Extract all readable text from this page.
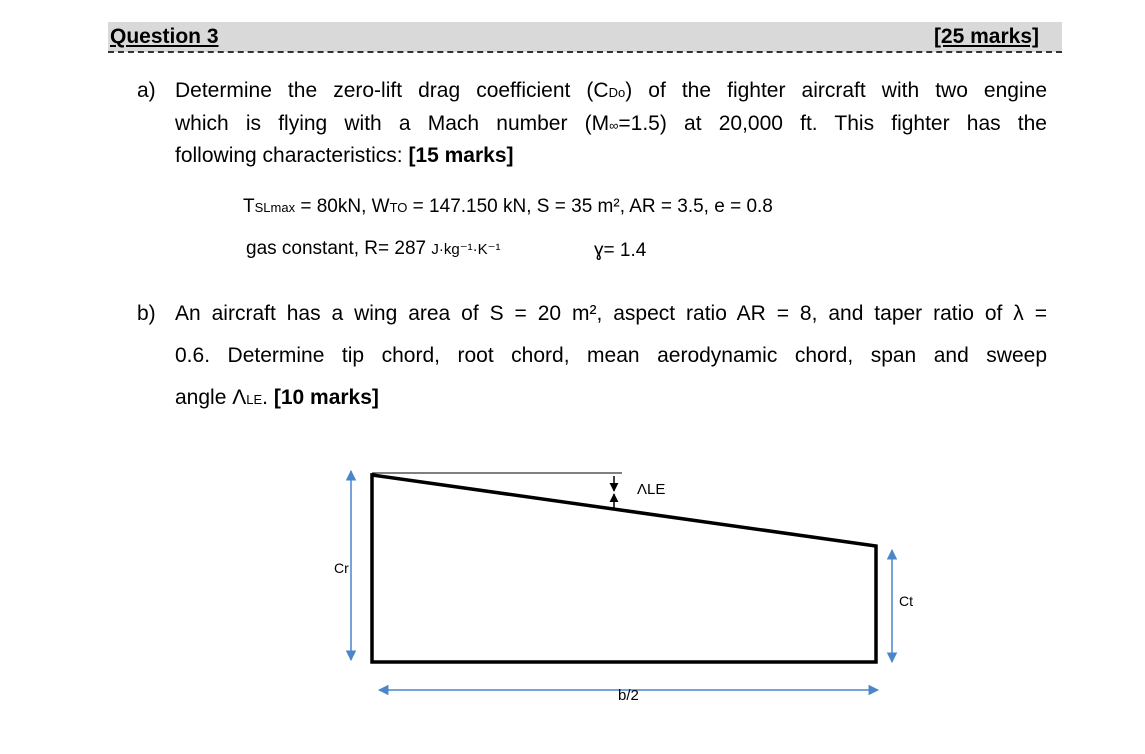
Question 3	[25 marks]
a) Determine the zero-lift drag coefficient (CDo) of the fighter aircraft with two engine
which is flying with a Mach number (M∞=1.5) at 20,000 ft. This fighter has the
following characteristics: [15 marks]
TSLmax = 80kN, WTO = 147.150 kN, S = 35 m², AR = 3.5, e = 0.8
gas constant, R= 287 J·kg⁻¹·K⁻¹	ɣ= 1.4
b) An aircraft has a wing area of S = 20 m², aspect ratio AR = 8, and taper ratio of λ =
0.6. Determine tip chord, root chord, mean aerodynamic chord, span and sweep
angle ΛLE. [10 marks]
ΛLE
Cr
Ct
b/2
